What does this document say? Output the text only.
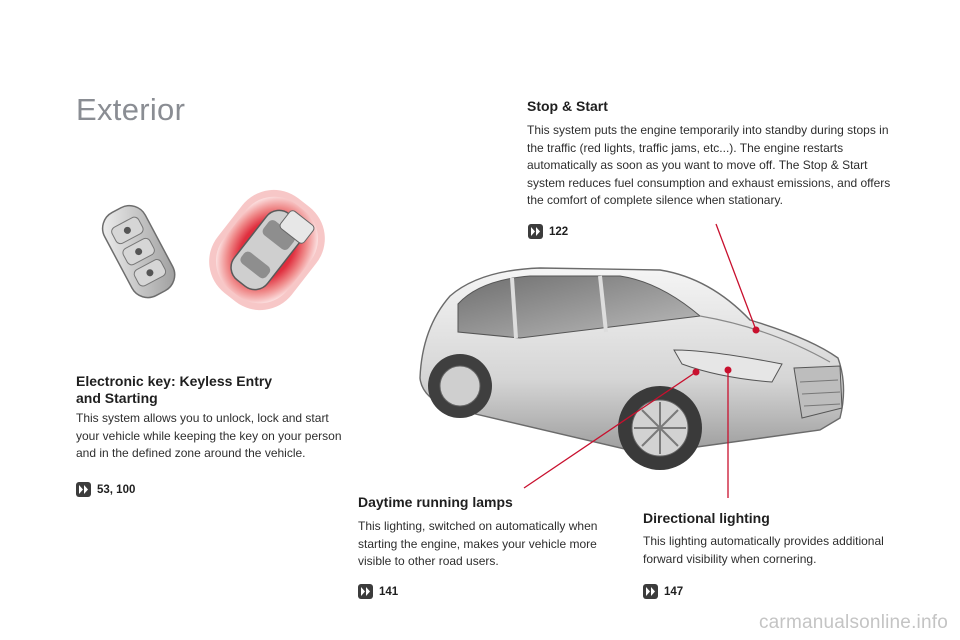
Exterior	Stop & Start
This system puts the engine temporarily into standby during stops in the traffic (red lights, traffic jams, etc...). The engine restarts automatically as soon as you want to move off. The Stop & Start system reduces fuel consumption and exhaust emissions, and offers the comfort of complete silence when stationary.
122
Electronic key: Keyless Entry
and Starting
This system allows you to unlock, lock and start your vehicle while keeping the key on your person and in the defined zone around the vehicle.
53, 100
Daytime running lamps
This lighting, switched on automatically when starting the engine, makes your vehicle more visible to other road users.
141
Directional lighting
This lighting automatically provides additional forward visibility when cornering.
147
carmanualsonline.info
